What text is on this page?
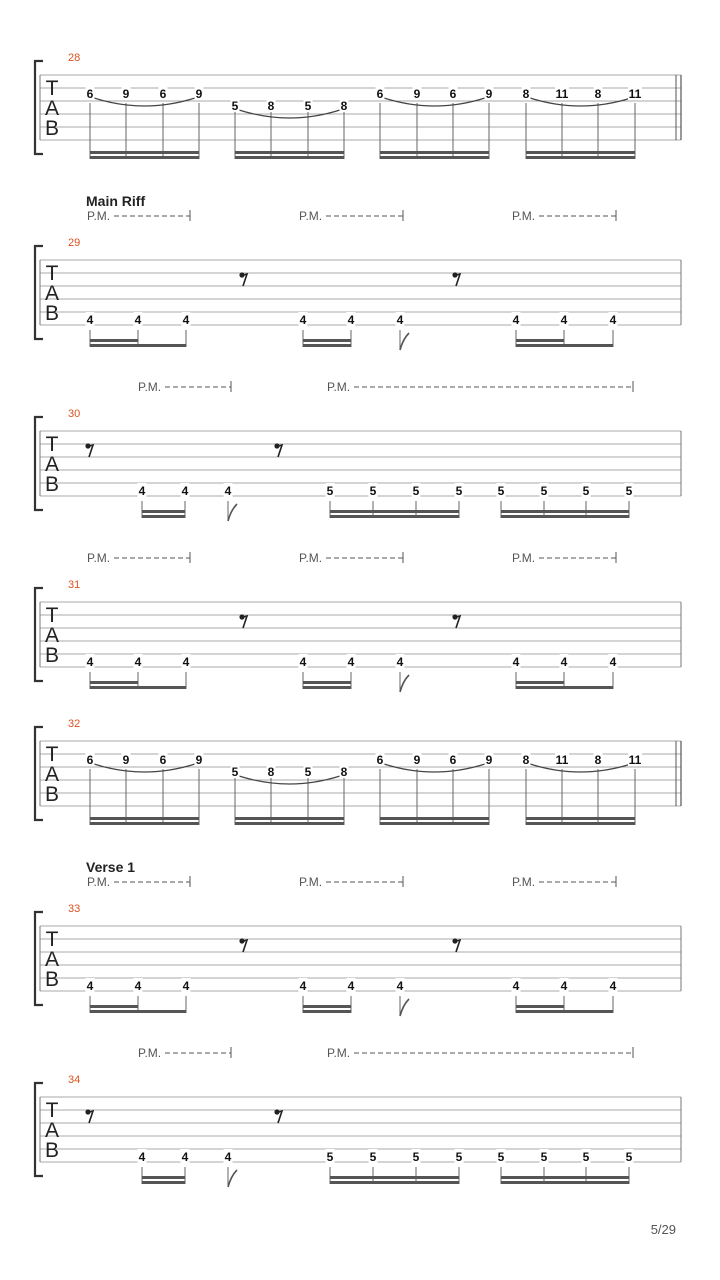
T
A
B
28
6 9	6 9
5 8	5 8
6	9 6 9	8 11 8 11
T
A
B
29
Main Riff
P.M.	P.M.	P.M.
4	4	4	4	4	4	4	4	4
T
A
B
30
P.M.	P.M.
4	4	4	5	5	5	5	5	5	5	5
T
A
B
31
P.M.	P.M.	P.M.
4	4	4	4	4	4	4	4	4
T
A
B
32
6 9	6 9
5 8	5 8
6	9 6 9	8 11 8 11
T
A
B
33
Verse 1
P.M.	P.M.	P.M.
4	4	4	4	4	4	4	4	4
T
A
B
34
P.M.	P.M.
4	4	4	5	5	5	5	5	5	5	5
5/29
